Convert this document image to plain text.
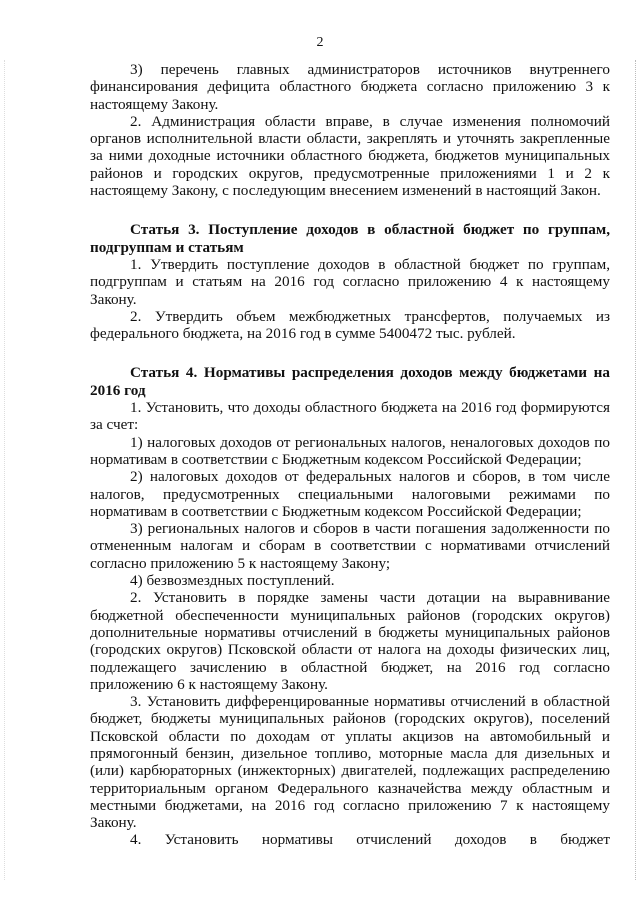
2

3) перечень главных администраторов источников внутреннего финансирования дефицита областного бюджета согласно приложению 3 к настоящему Закону.

2. Администрация области вправе, в случае изменения полномочий органов исполнительной власти области, закреплять и уточнять закрепленные за ними доходные источники областного бюджета, бюджетов муниципальных районов и городских округов, предусмотренные приложениями 1 и 2 к настоящему Закону, с последующим внесением изменений в настоящий Закон.

Статья 3. Поступление доходов в областной бюджет по группам, подгруппам и статьям

1. Утвердить поступление доходов в областной бюджет по группам, подгруппам и статьям на 2016 год согласно приложению 4 к настоящему Закону.

2. Утвердить объем межбюджетных трансфертов, получаемых из федерального бюджета, на 2016 год в сумме 5400472 тыс. рублей.

Статья 4. Нормативы распределения доходов между бюджетами на 2016 год

1. Установить, что доходы областного бюджета на 2016 год формируются за счет:

1) налоговых доходов от региональных налогов, неналоговых доходов по нормативам в соответствии с Бюджетным кодексом Российской Федерации;

2) налоговых доходов от федеральных налогов и сборов, в том числе налогов, предусмотренных специальными налоговыми режимами по нормативам в соответствии с Бюджетным кодексом Российской Федерации;

3) региональных налогов и сборов в части погашения задолженности по отмененным налогам и сборам в соответствии с нормативами отчислений согласно приложению 5 к настоящему Закону;

4) безвозмездных поступлений.

2. Установить в порядке замены части дотации на выравнивание бюджетной обеспеченности муниципальных районов (городских округов) дополнительные нормативы отчислений в бюджеты муниципальных районов (городских округов) Псковской области от налога на доходы физических лиц, подлежащего зачислению в областной бюджет, на 2016 год согласно приложению 6 к настоящему Закону.

3. Установить дифференцированные нормативы отчислений в областной бюджет, бюджеты муниципальных районов (городских округов), поселений Псковской области по доходам от уплаты акцизов на автомобильный и прямогонный бензин, дизельное топливо, моторные масла для дизельных и (или) карбюраторных (инжекторных) двигателей, подлежащих распределению территориальным органом Федерального казначейства между областным и местными бюджетами, на 2016 год согласно приложению 7 к настоящему Закону.

4. Установить нормативы отчислений доходов в бюджет
